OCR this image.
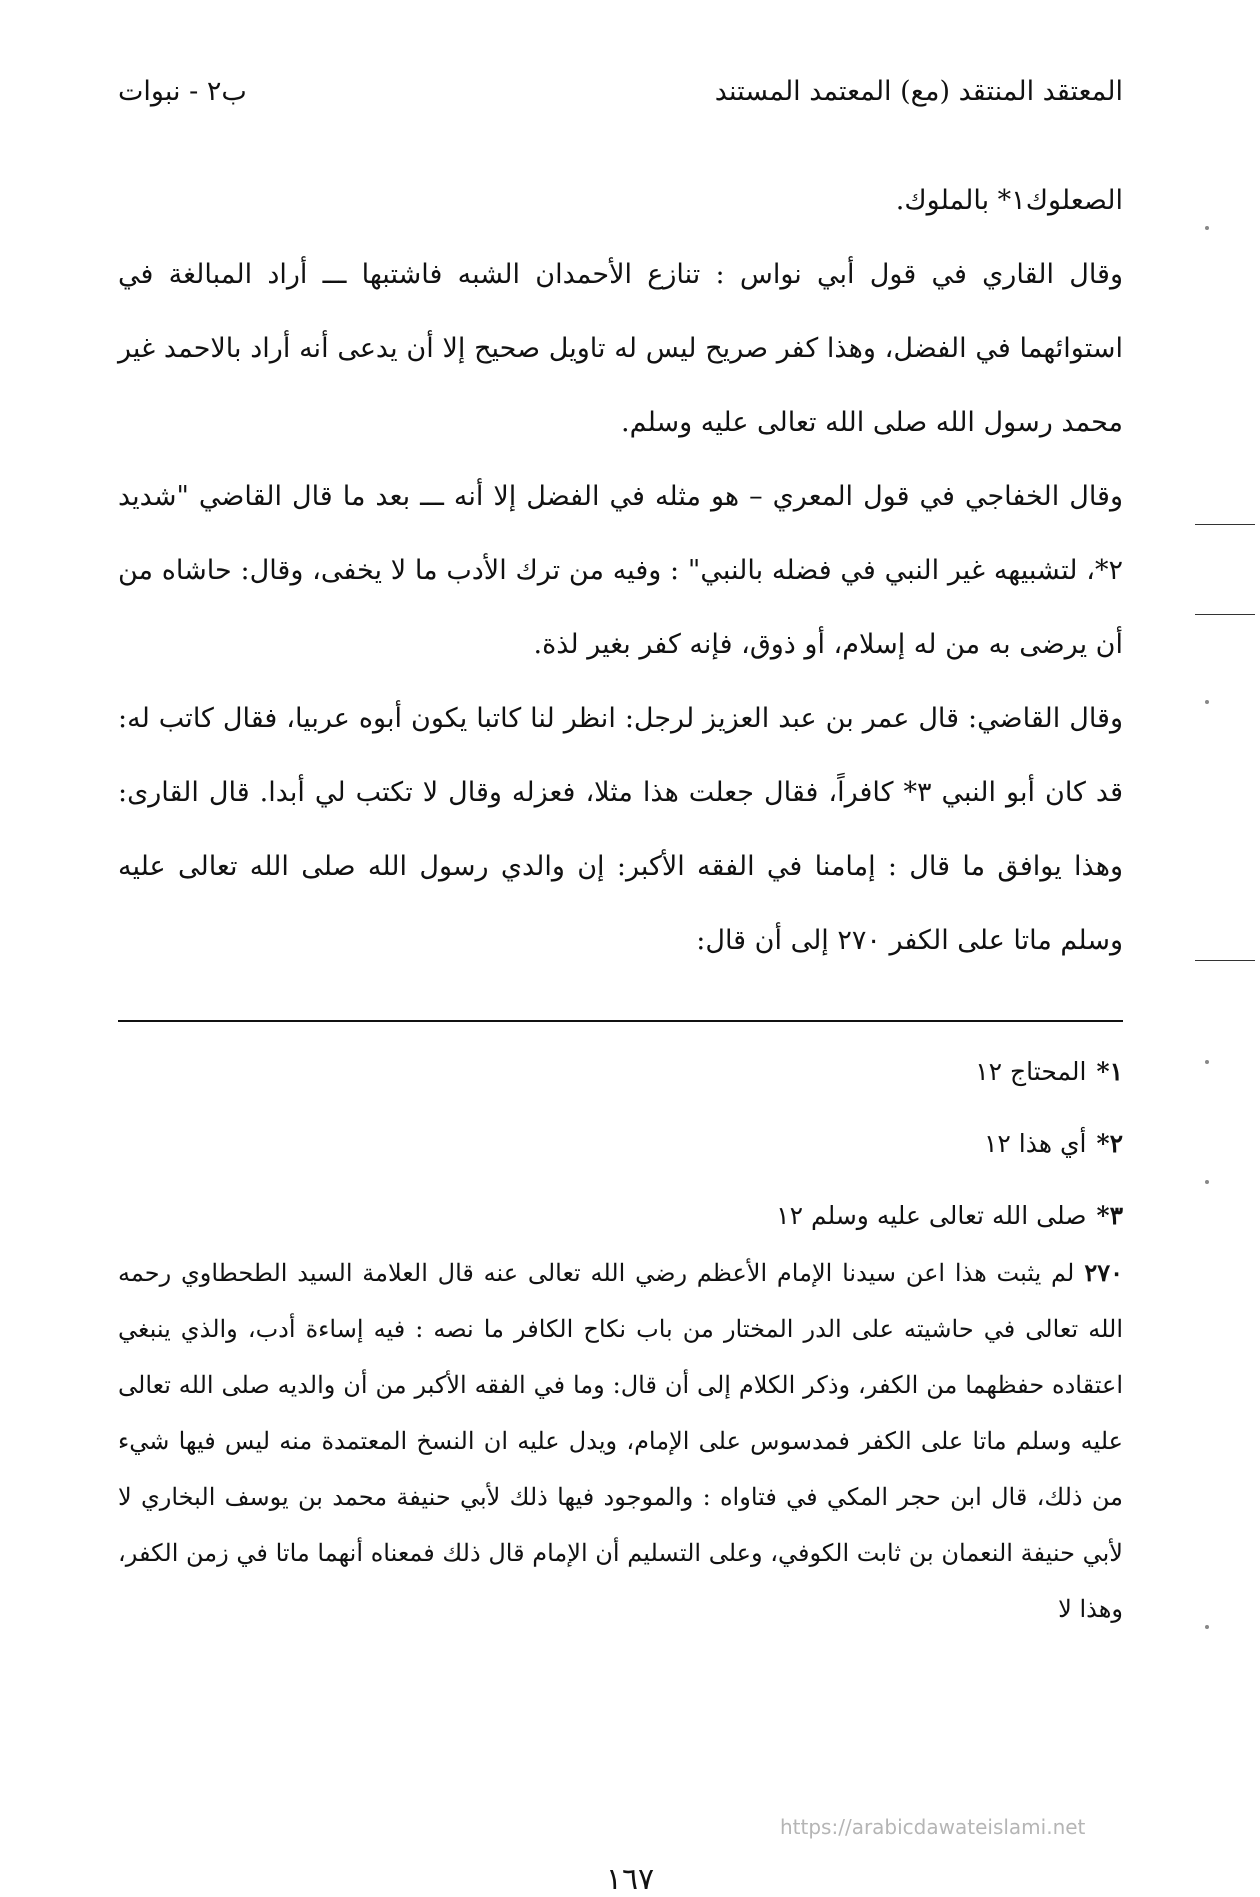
المعتقد المنتقد (مع) المعتمد المستند
ب٢ - نبوات

الصعلوك١* بالملوك.

وقال القاري في قول أبي نواس : تنازع الأحمدان الشبه فاشتبها ـــ أراد المبالغة في استوائهما في الفضل، وهذا كفر صريح ليس له تاويل صحيح إلا أن يدعى أنه أراد بالاحمد غير محمد رسول الله صلى الله تعالى عليه وسلم.

وقال الخفاجي في قول المعري – هو مثله في الفضل إلا أنه ـــ بعد ما قال القاضي "شديد ٢*، لتشبيهه غير النبي في فضله بالنبي" : وفيه من ترك الأدب ما لا يخفى، وقال: حاشاه من أن يرضى به من له إسلام، أو ذوق، فإنه كفر بغير لذة.

وقال القاضي: قال عمر بن عبد العزيز لرجل: انظر لنا كاتبا يكون أبوه عربيا، فقال كاتب له: قد كان أبو النبي ٣* كافراً، فقال جعلت هذا مثلا، فعزله وقال لا تكتب لي أبدا. قال القارى: وهذا يوافق ما قال : إمامنا في الفقه الأكبر: إن والدي رسول الله صلى الله تعالى عليه وسلم ماتا على الكفر ٢٧٠ إلى أن قال:

١*المحتاج ١٢
٢*أي هذا ١٢
٣*صلى الله تعالى عليه وسلم ١٢
٢٧٠لم يثبت هذا اعن سيدنا الإمام الأعظم رضي الله تعالى عنه قال العلامة السيد الطحطاوي رحمه الله تعالى في حاشيته على الدر المختار من باب نكاح الكافر ما نصه : فيه إساءة أدب، والذي ينبغي اعتقاده حفظهما من الكفر، وذكر الكلام إلى أن قال: وما في الفقه الأكبر من أن والديه صلى الله تعالى عليه وسلم ماتا على الكفر فمدسوس على الإمام، ويدل عليه ان النسخ المعتمدة منه ليس فيها شيء من ذلك، قال ابن حجر المكي في فتاواه : والموجود فيها ذلك لأبي حنيفة محمد بن يوسف البخاري لا لأبي حنيفة النعمان بن ثابت الكوفي، وعلى التسليم أن الإمام قال ذلك فمعناه أنهما ماتا في زمن الكفر، وهذا لا
https://arabicdawateislami.net
١٦٧
